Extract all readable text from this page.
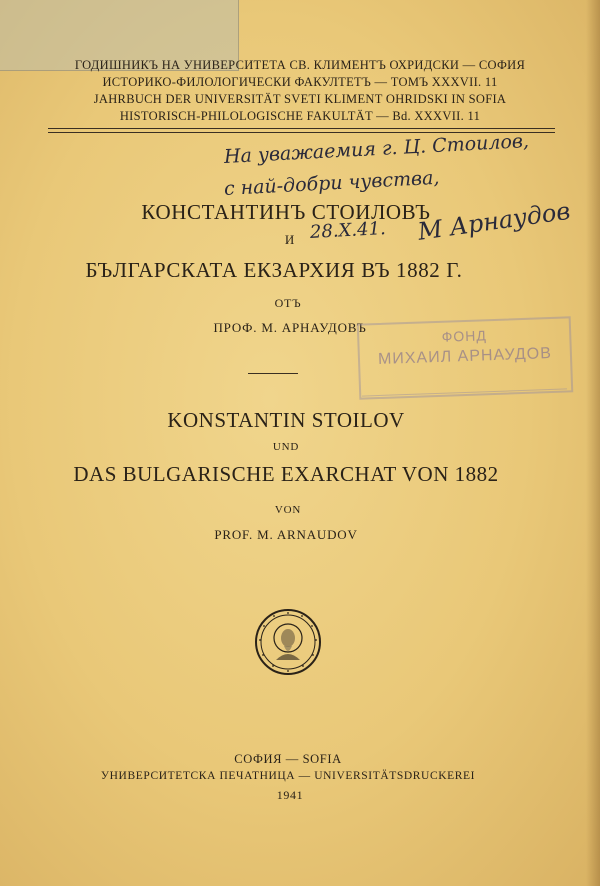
ГОДИШНИКЪ НА УНИВЕРСИТЕТА СВ. КЛИМЕНТЪ ОХРИДСКИ — СОФИЯ
ИСТОРИКО-ФИЛОЛОГИЧЕСКИ ФАКУЛТЕТЪ — ТОМЪ XXXVII. 11
JAHRBUCH DER UNIVERSITÄT SVETI KLIMENT OHRIDSKI IN SOFIA
HISTORISCH-PHILOLOGISCHE FAKULTÄT — Bd. XXXVII. 11
На уважаемия г. Ц. Стоилов,
с най-добри чувства,
КОНСТАНТИНЪ СТОИЛОВЪ
И 28.X.41. М Арнаудов
БЪЛГАРСКАТА ЕКЗАРХИЯ ВЪ 1882 Г.
ОТЪ
ПРОФ. М. АРНАУДОВЪ	ФОНД
МИХАИЛ АРНАУДОВ
KONSTANTIN STOILOV
UND
DAS BULGARISCHE EXARCHAT VON 1882
VON
PROF. M. ARNAUDOV
СОФИЯ — SOFIA
УНИВЕРСИТЕТСКА ПЕЧАТНИЦА — UNIVERSITÄTSDRUCKEREI
1941
